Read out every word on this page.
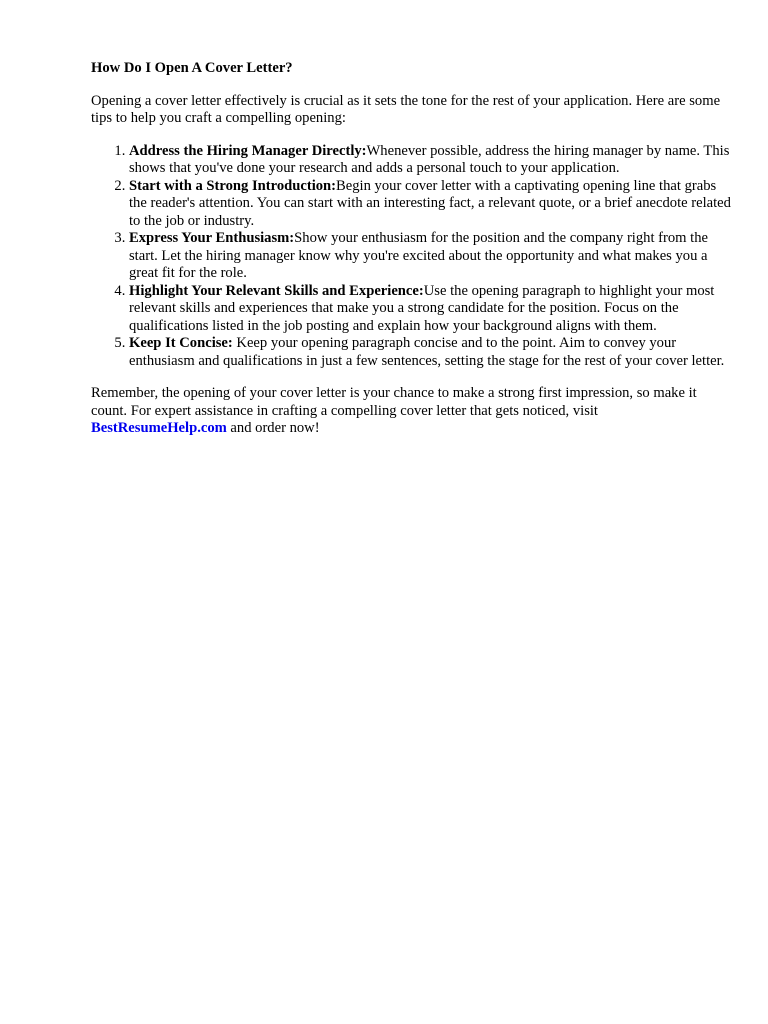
How Do I Open A Cover Letter?

Opening a cover letter effectively is crucial as it sets the tone for the rest of your application. Here are some tips to help you craft a compelling opening:

1. Address the Hiring Manager Directly:Whenever possible, address the hiring manager by name. This shows that you've done your research and adds a personal touch to your application.
2. Start with a Strong Introduction:Begin your cover letter with a captivating opening line that grabs the reader's attention. You can start with an interesting fact, a relevant quote, or a brief anecdote related to the job or industry.
3. Express Your Enthusiasm:Show your enthusiasm for the position and the company right from the start. Let the hiring manager know why you're excited about the opportunity and what makes you a great fit for the role.
4. Highlight Your Relevant Skills and Experience:Use the opening paragraph to highlight your most relevant skills and experiences that make you a strong candidate for the position. Focus on the qualifications listed in the job posting and explain how your background aligns with them.
5. Keep It Concise: Keep your opening paragraph concise and to the point. Aim to convey your enthusiasm and qualifications in just a few sentences, setting the stage for the rest of your cover letter.

Remember, the opening of your cover letter is your chance to make a strong first impression, so make it count. For expert assistance in crafting a compelling cover letter that gets noticed, visit BestResumeHelp.com and order now!
